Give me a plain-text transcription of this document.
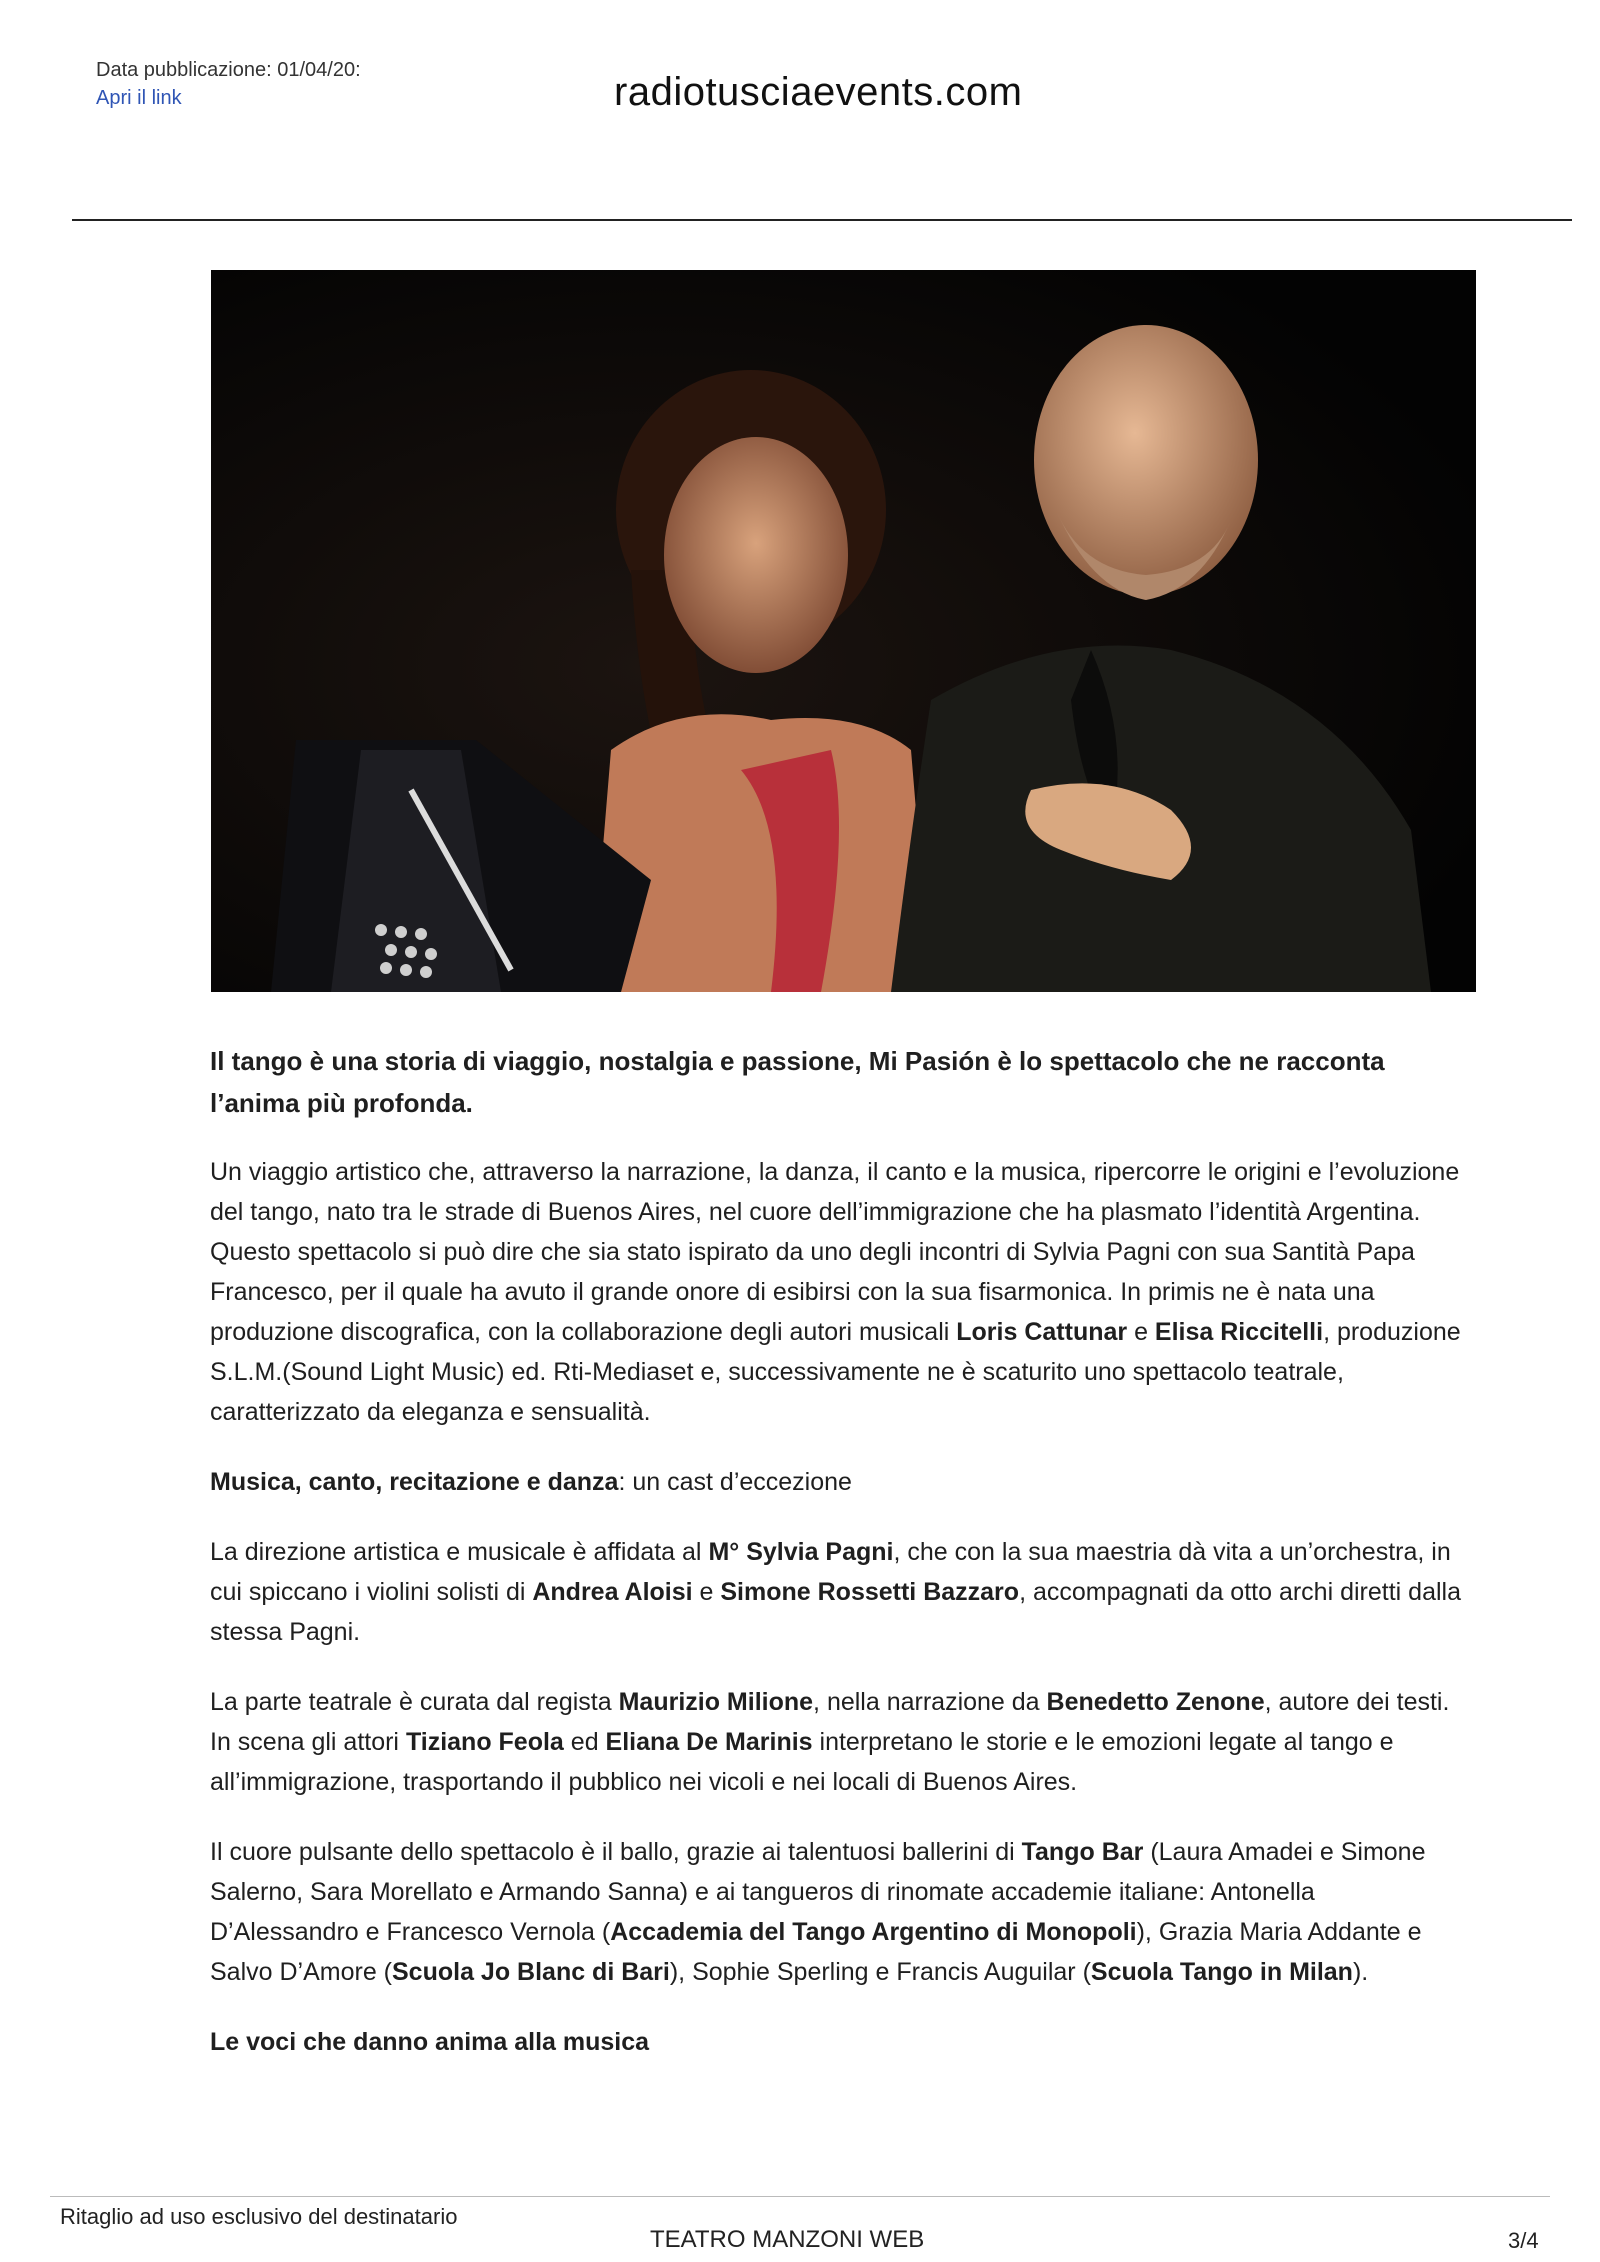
Data pubblicazione: 01/04/20:
Apri il link	radiotusciaevents.com

Il tango è una storia di viaggio, nostalgia e passione, Mi Pasión è lo spettacolo che ne racconta l’anima più profonda.

Un viaggio artistico che, attraverso la narrazione, la danza, il canto e la musica, ripercorre le origini e l’evoluzione del tango, nato tra le strade di Buenos Aires, nel cuore dell’immigrazione che ha plasmato l’identità Argentina. Questo spettacolo si può dire che sia stato ispirato da uno degli incontri di Sylvia Pagni con sua Santità Papa Francesco, per il quale ha avuto il grande onore di esibirsi con la sua fisarmonica. In primis ne è nata una produzione discografica, con la collaborazione degli autori musicali Loris Cattunar e Elisa Riccitelli, produzione S.L.M.(Sound Light Music) ed. Rti-Mediaset e, successivamente ne è scaturito uno spettacolo teatrale, caratterizzato da eleganza e sensualità.

Musica, canto, recitazione e danza: un cast d’eccezione

La direzione artistica e musicale è affidata al M° Sylvia Pagni, che con la sua maestria dà vita a un’orchestra, in cui spiccano i violini solisti di Andrea Aloisi e Simone Rossetti Bazzaro, accompagnati da otto archi diretti dalla stessa Pagni.

La parte teatrale è curata dal regista Maurizio Milione, nella narrazione da Benedetto Zenone, autore dei testi. In scena gli attori Tiziano Feola ed Eliana De Marinis interpretano le storie e le emozioni legate al tango e all’immigrazione, trasportando il pubblico nei vicoli e nei locali di Buenos Aires.

Il cuore pulsante dello spettacolo è il ballo, grazie ai talentuosi ballerini di Tango Bar (Laura Amadei e Simone Salerno, Sara Morellato e Armando Sanna) e ai tangueros di rinomate accademie italiane: Antonella D’Alessandro e Francesco Vernola (Accademia del Tango Argentino di Monopoli), Grazia Maria Addante e Salvo D’Amore (Scuola Jo Blanc di Bari), Sophie Sperling e Francis Auguilar (Scuola Tango in Milan).

Le voci che danno anima alla musica

Ritaglio ad uso esclusivo del destinatario
TEATRO MANZONI WEB	3/4
